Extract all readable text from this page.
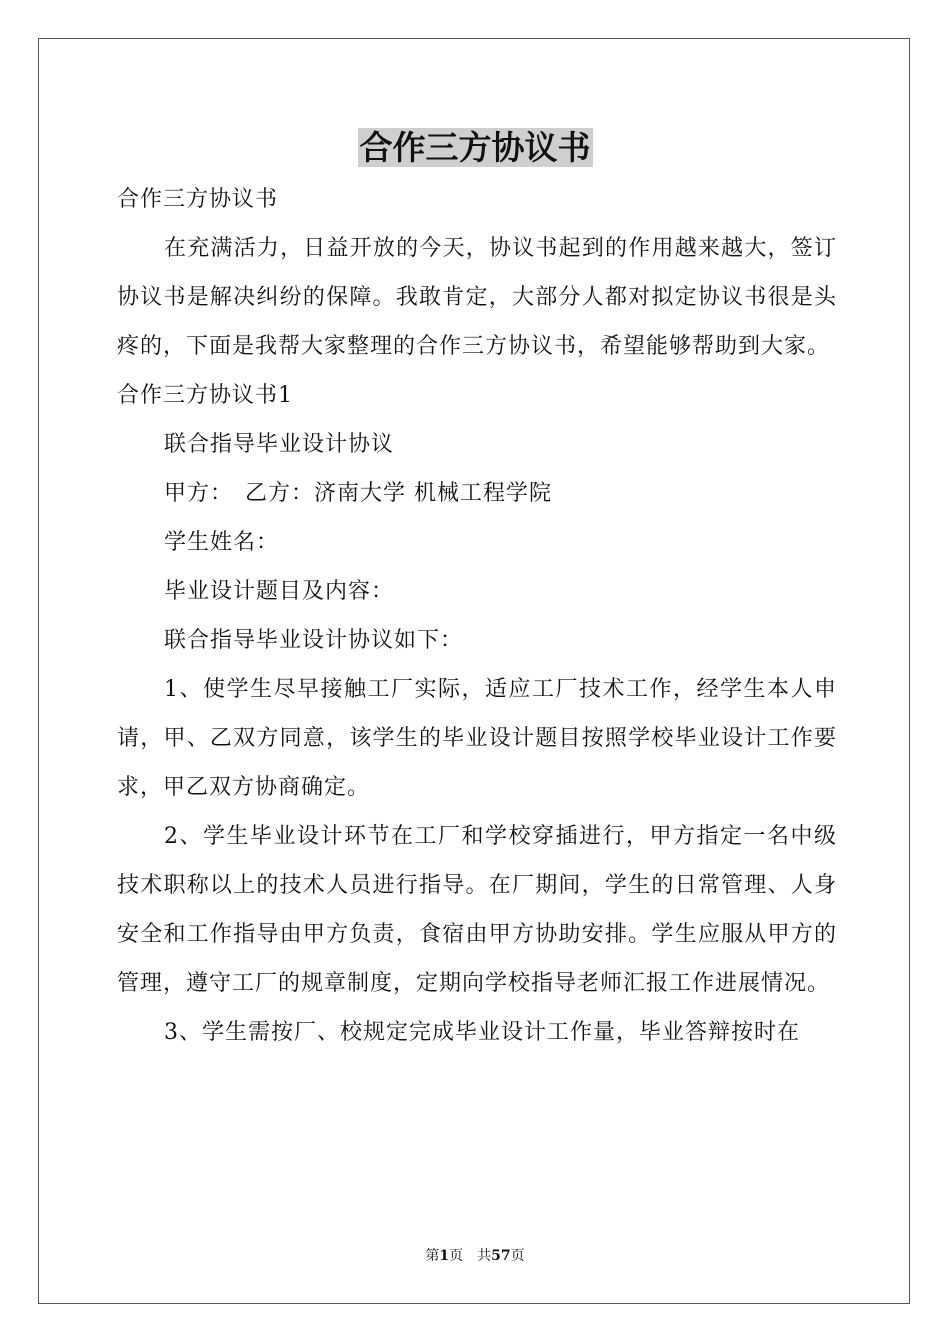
合作三方协议书

合作三方协议书

在充满活力，日益开放的今天，协议书起到的作用越来越大，签订协议书是解决纠纷的保障。我敢肯定，大部分人都对拟定协议书很是头疼的，下面是我帮大家整理的合作三方协议书，希望能够帮助到大家。

合作三方协议书1

联合指导毕业设计协议

甲方：　乙方：济南大学 机械工程学院

学生姓名：

毕业设计题目及内容：

联合指导毕业设计协议如下：

1、使学生尽早接触工厂实际，适应工厂技术工作，经学生本人申请，甲、乙双方同意，该学生的毕业设计题目按照学校毕业设计工作要求，甲乙双方协商确定。

2、学生毕业设计环节在工厂和学校穿插进行，甲方指定一名中级技术职称以上的技术人员进行指导。在厂期间，学生的日常管理、人身安全和工作指导由甲方负责，食宿由甲方协助安排。学生应服从甲方的管理，遵守工厂的规章制度，定期向学校指导老师汇报工作进展情况。

3、学生需按厂、校规定完成毕业设计工作量，毕业答辩按时在

第1页 共57页
